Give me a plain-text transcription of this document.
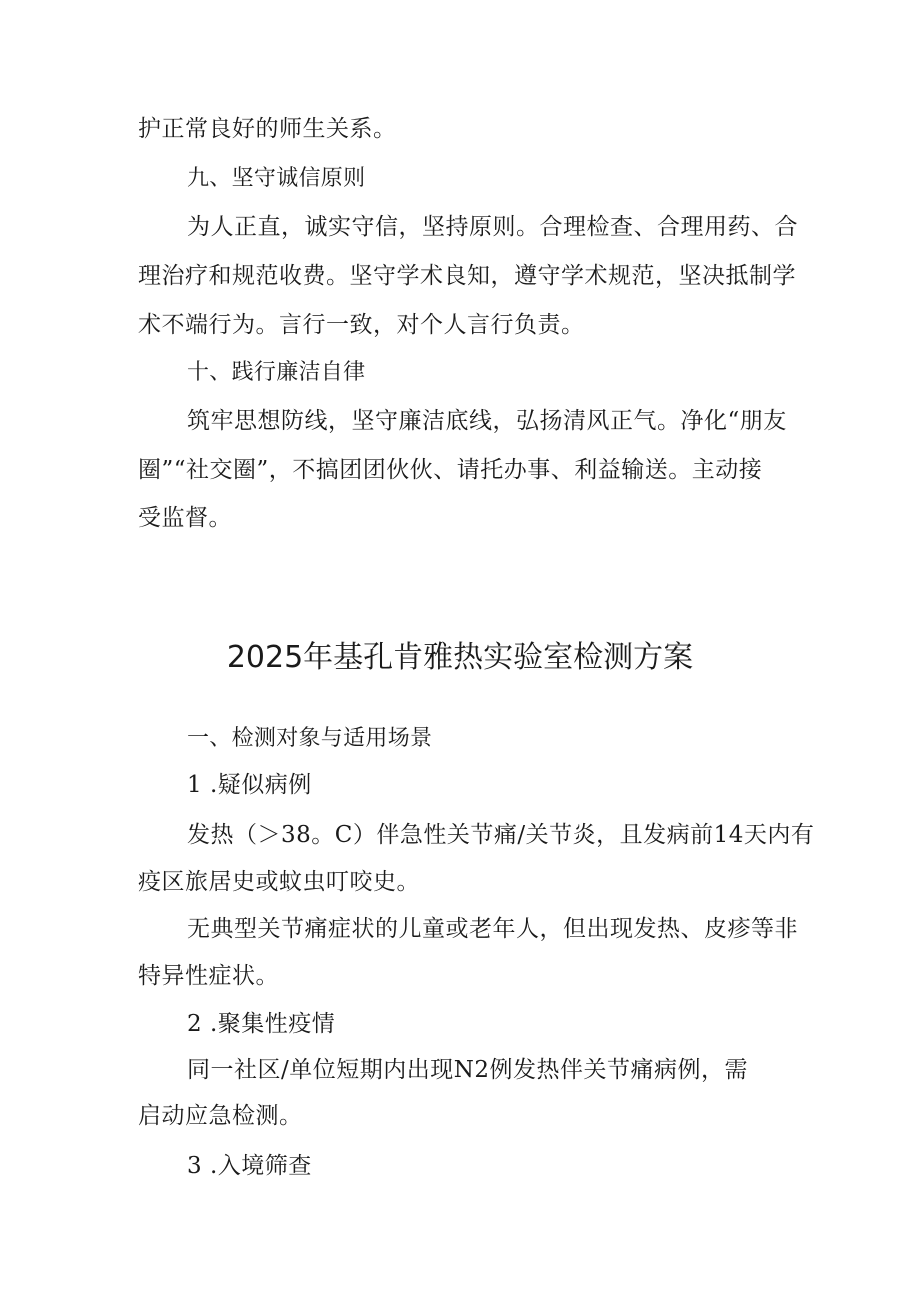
护正常良好的师生关系。
九、坚守诚信原则
为人正直，诚实守信，坚持原则。合理检查、合理用药、合
理治疗和规范收费。坚守学术良知，遵守学术规范，坚决抵制学
术不端行为。言行一致，对个人言行负责。
十、践行廉洁自律
筑牢思想防线，坚守廉洁底线，弘扬清风正气。净化“朋友
圈”“社交圈”，不搞团团伙伙、请托办事、利益输送。主动接
受监督。
2025年基孔肯雅热实验室检测方案
一、检测对象与适用场景
1 .疑似病例
发热（＞38。C）伴急性关节痛/关节炎，且发病前14天内有
疫区旅居史或蚊虫叮咬史。
无典型关节痛症状的儿童或老年人，但出现发热、皮疹等非
特异性症状。
2 .聚集性疫情
同一社区/单位短期内出现N2例发热伴关节痛病例，需
启动应急检测。
3 .入境筛查
